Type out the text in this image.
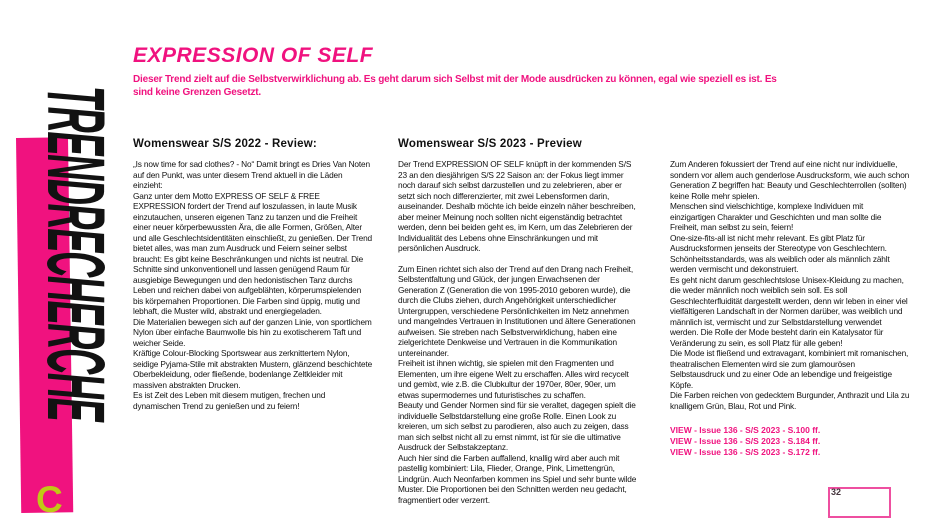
TRENDRECHERCHE
C
EXPRESSION OF SELF

Dieser Trend zielt auf die Selbstverwirklichung ab. Es geht darum sich Selbst mit der Mode ausdrücken zu können, egal wie speziell es ist. Es sind keine Grenzen Gesetzt.

Womenswear S/S 2022 - Review:

„Is now time for sad clothes? - No“ Damit bringt es Dries Van Noten auf den Punkt, was unter diesem Trend aktuell in die Läden einzieht:

Ganz unter dem Motto EXPRESS OF SELF & FREE EXPRESSION fordert der Trend auf loszulassen, in laute Musik einzutauchen, unseren eigenen Tanz zu tanzen und die Freiheit einer neuer körperbewussten Ära, die alle Formen, Größen, Alter und alle Geschlechtsidentitäten einschließt, zu genießen. Der Trend bietet alles, was man zum Ausdruck und Feiern seiner selbst braucht: Es gibt keine Beschränkungen und nichts ist neutral. Die Schnitte sind unkonventionell und lassen genügend Raum für ausgiebige Bewegungen und den hedonistischen Tanz durchs Leben und reichen dabei von aufgeblähten, körperumspielenden bis körpernahen Proportionen. Die Farben sind üppig, mutig und lebhaft, die Muster wild, abstrakt und energiegeladen.

Die Materialien bewegen sich auf der ganzen Linie, von sportlichem Nylon über einfache Baumwolle bis hin zu exotischerem Taft und weicher Seide.

Kräftige Colour-Blocking Sportswear aus zerknittertem Nylon, seidige Pyjama-Stile mit abstrakten Mustern, glänzend beschichtete Oberbekleidung, oder fließende, bodenlange Zeltkleider mit massiven abstrakten Drucken.

Es ist Zeit des Leben mit diesem mutigen, frechen und dynamischen Trend zu genießen und zu feiern!

Womenswear S/S 2023 - Preview

Der Trend EXPRESSION OF SELF knüpft in der kommenden S/S 23 an den diesjährigen S/S 22 Saison an: der Fokus liegt immer noch darauf sich selbst darzustellen und zu zelebrieren, aber er setzt sich noch differenzierter, mit zwei Lebensformen darin, auseinander. Deshalb möchte ich beide einzeln näher beschreiben, aber meiner Meinung noch sollten nicht eigenständig betrachtet werden, denn bei beiden geht es, im Kern, um das Zelebrieren der Individualität des Lebens ohne Einschränkungen und mit persönlichen Ausdruck.

Zum Einen richtet sich also der Trend auf den Drang nach Freiheit, Selbstentfaltung und Glück, der jungen Erwachsenen der Generation Z (Generation die von 1995-2010 geboren wurde), die durch die Clubs ziehen, durch Angehörigkeit unterschiedlicher Untergruppen, verschiedene Persönlichkeiten im Netz annehmen und mangelndes Vertrauen in Institutionen und ältere Generationen aufweisen. Sie streben nach Selbstverwirklichung, haben eine zielgerichtete Denkweise und Vertrauen in die Kommunikation untereinander.

Freiheit ist ihnen wichtig, sie spielen mit den Fragmenten und Elementen, um ihre eigene Welt zu erschaffen. Alles wird recycelt und gemixt, wie z.B. die Clubkultur der 1970er, 80er, 90er, um etwas supermodernes und futuristisches zu schaffen.

Beauty und Gender Normen sind für sie veraltet, dagegen spielt die individuelle Selbstdarstellung eine große Rolle. Einen Look zu kreieren, um sich selbst zu parodieren, also auch zu zeigen, dass man sich selbst nicht all zu ernst nimmt, ist für sie die ultimative Ausdruck der Selbstakzeptanz.

Auch hier sind die Farben auffallend, knallig wird aber auch mit pastellig kombiniert: Lila, Flieder, Orange, Pink, Limettengrün, Lindgrün. Auch Neonfarben kommen ins Spiel und sehr bunte wilde Muster. Die Proportionen bei den Schnitten werden neu gedacht, fragmentiert oder verzerrt.

Zum Anderen fokussiert der Trend auf eine nicht nur individuelle, sondern vor allem auch genderlose Ausdrucksform, wie auch schon Generation Z begriffen hat: Beauty und Geschlechterrollen (sollten) keine Rolle mehr spielen.

Menschen sind vielschichtige, komplexe Individuen mit einzigartigen Charakter und Geschichten und man sollte die Freiheit, man selbst zu sein, feiern!

One-size-fits-all ist nicht mehr relevant. Es gibt Platz für Ausdrucksformen jenseits der Stereotype von Geschlechtern. Schönheitsstandards, was als weiblich oder als männlich zählt werden vermischt und dekonstruiert.

Es geht nicht darum geschlechtslose Unisex-Kleidung zu machen, die weder männlich noch weiblich sein soll. Es soll Geschlechterfluidität dargestellt werden, denn wir leben in einer viel vielfältigeren Landschaft in der Normen darüber, was weiblich und männlich ist, vermischt und zur Selbstdarstellung verwendet werden. Die Rolle der Mode besteht darin ein Katalysator für Veränderung zu sein, es soll Platz für alle geben!

Die Mode ist fließend und extravagant, kombiniert mit romanischen, theatralischen Elementen wird sie zum glamourösen Selbstausdruck und zu einer Ode an lebendige und freigeistige Köpfe.

Die Farben reichen von gedecktem Burgunder, Anthrazit und Lila zu knalligem Grün, Blau, Rot und Pink.

VIEW - Issue 136 - S/S 2023 - S.100 ff.

VIEW - Issue 136 - S/S 2023 - S.184 ff.

VIEW - Issue 136 - S/S 2023 - S.172 ff.

32
